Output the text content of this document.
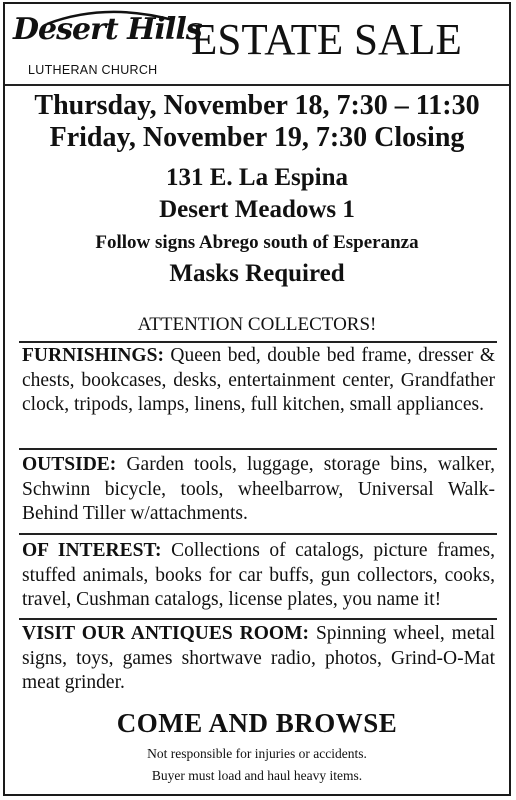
Desert Hills
LUTHERAN CHURCH
ESTATE SALE
Thursday, November 18, 7:30 – 11:30
Friday, November 19, 7:30 Closing
131 E. La Espina
Desert Meadows 1
Follow signs Abrego south of Esperanza
Masks Required
ATTENTION COLLECTORS!
FURNISHINGS: Queen bed, double bed frame, dresser & chests, bookcases, desks, entertainment center, Grandfather clock, tripods, lamps, linens, full kitchen, small appliances.
OUTSIDE: Garden tools, luggage, storage bins, walker, Schwinn bicycle, tools, wheelbarrow, Universal Walk-Behind Tiller w/attachments.
OF INTEREST: Collections of catalogs, picture frames, stuffed animals, books for car buffs, gun collectors, cooks, travel, Cushman catalogs, license plates, you name it!
VISIT OUR ANTIQUES ROOM: Spinning wheel, metal signs, toys, games shortwave radio, photos, Grind-O-Mat meat grinder.
COME AND BROWSE
Not responsible for injuries or accidents.
Buyer must load and haul heavy items.
